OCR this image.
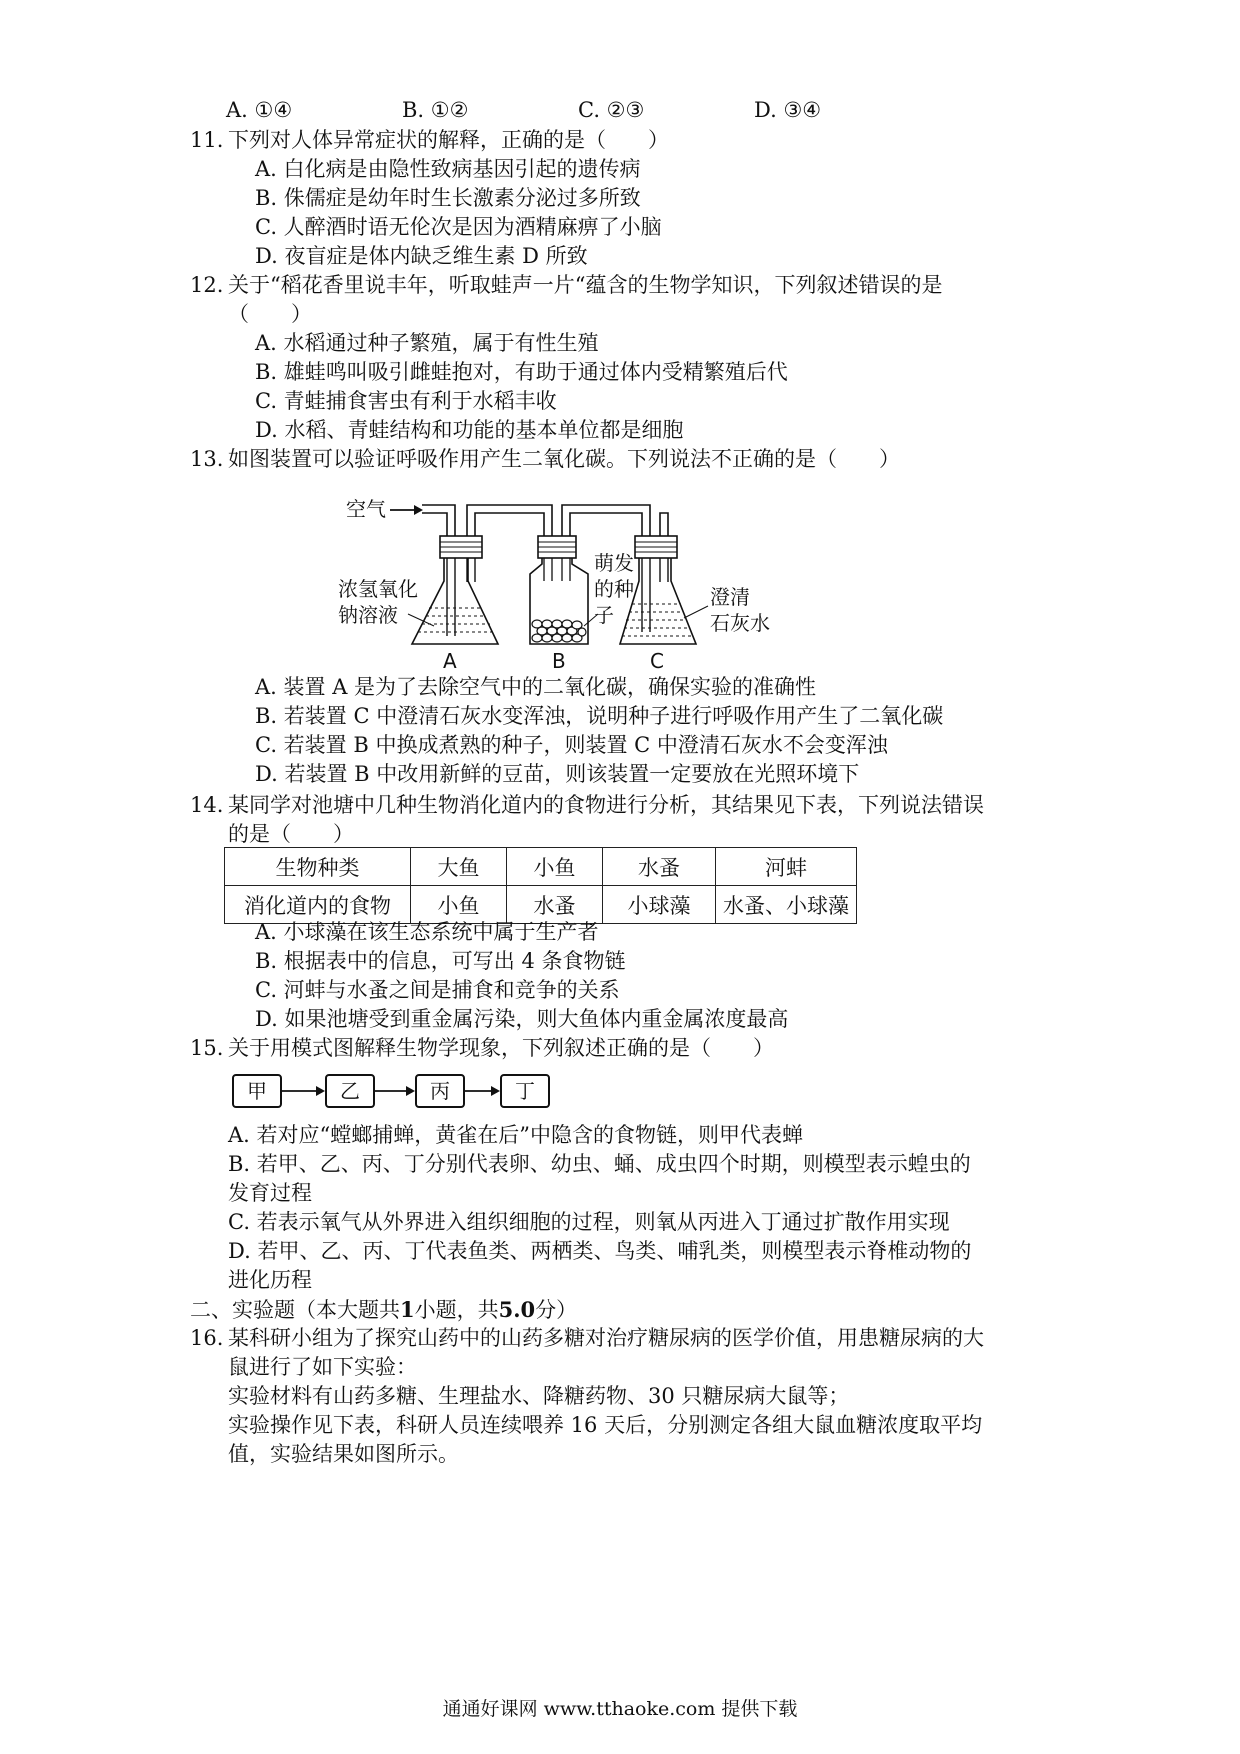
A. ①④	B. ①②	C. ②③	D. ③④
11. 下列对人体异常症状的解释，正确的是（　　）
A. 白化病是由隐性致病基因引起的遗传病
B. 侏儒症是幼年时生长激素分泌过多所致
C. 人醉酒时语无伦次是因为酒精麻痹了小脑
D. 夜盲症是体内缺乏维生素 D 所致
12. 关于“稻花香里说丰年，听取蛙声一片“蕴含的生物学知识，下列叙述错误的是
（　　）
A. 水稻通过种子繁殖，属于有性生殖
B. 雄蛙鸣叫吸引雌蛙抱对，有助于通过体内受精繁殖后代
C. 青蛙捕食害虫有利于水稻丰收
D. 水稻、青蛙结构和功能的基本单位都是细胞
13. 如图装置可以验证呼吸作用产生二氧化碳。下列说法不正确的是（　　）
空气
浓氢氧化
钠溶液
萌发
的种
子
澄清
石灰水
A	B	C
A. 装置 A 是为了去除空气中的二氧化碳，确保实验的准确性
B. 若装置 C 中澄清石灰水变浑浊，说明种子进行呼吸作用产生了二氧化碳
C. 若装置 B 中换成煮熟的种子，则装置 C 中澄清石灰水不会变浑浊
D. 若装置 B 中改用新鲜的豆苗，则该装置一定要放在光照环境下
14. 某同学对池塘中几种生物消化道内的食物进行分析，其结果见下表，下列说法错误
的是（　　）
生物种类	大鱼	小鱼	水蚤	河蚌
消化道内的食物	小鱼	水蚤	小球藻	水蚤、小球藻
A. 小球藻在该生态系统中属于生产者
B. 根据表中的信息，可写出 4 条食物链
C. 河蚌与水蚤之间是捕食和竞争的关系
D. 如果池塘受到重金属污染，则大鱼体内重金属浓度最高
15. 关于用模式图解释生物学现象，下列叙述正确的是（　　）
甲	乙	丙	丁
A. 若对应“螳螂捕蝉，黄雀在后”中隐含的食物链，则甲代表蝉
B. 若甲、乙、丙、丁分别代表卵、幼虫、蛹、成虫四个时期，则模型表示蝗虫的
发育过程
C. 若表示氧气从外界进入组织细胞的过程，则氧从丙进入丁通过扩散作用实现
D. 若甲、乙、丙、丁代表鱼类、两栖类、鸟类、哺乳类，则模型表示脊椎动物的
进化历程
二、实验题（本大题共1小题，共5.0分）
16. 某科研小组为了探究山药中的山药多糖对治疗糖尿病的医学价值，用患糖尿病的大
鼠进行了如下实验：
实验材料有山药多糖、生理盐水、降糖药物、30 只糖尿病大鼠等；
实验操作见下表，科研人员连续喂养 16 天后，分别测定各组大鼠血糖浓度取平均
值，实验结果如图所示。
通通好课网 www.tthaoke.com 提供下载
